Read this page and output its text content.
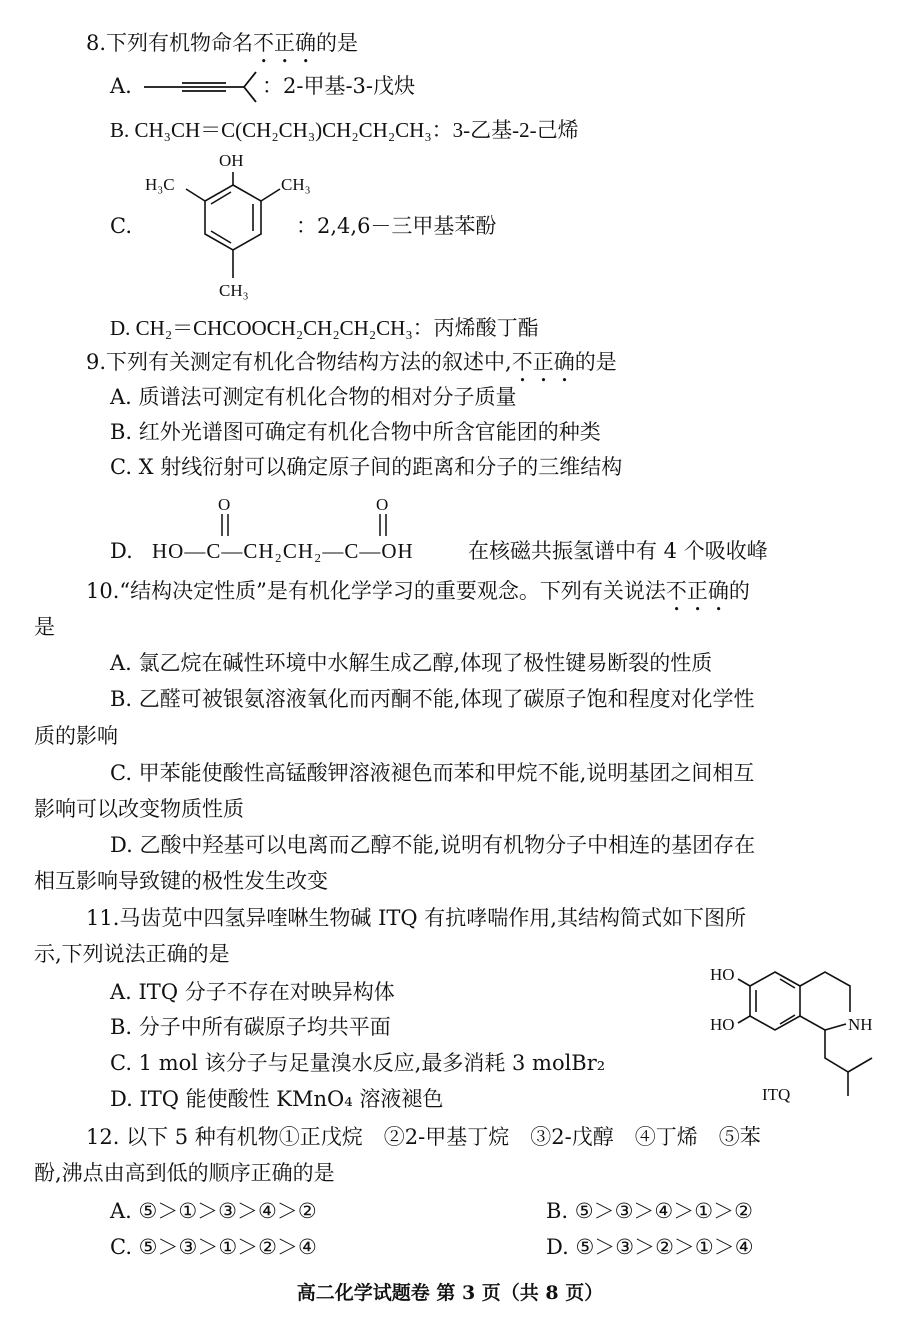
8.下列有机物命名不正确的是
A.	：2-甲基-3-戊炔
B. CH₃CH＝C(CH₂CH₃)CH₂CH₂CH₃：3-乙基-2-己烯
OH
H₃C	CH₃
CH₃
C.	：2,4,6－三甲基苯酚
D. CH₂＝CHCOOCH₂CH₂CH₂CH₃：丙烯酸丁酯
9.下列有关测定有机化合物结构方法的叙述中,不正确的是
A. 质谱法可测定有机化合物的相对分子质量
B. 红外光谱图可确定有机化合物中所含官能团的种类
C. X 射线衍射可以确定原子间的距离和分子的三维结构
D. HO—C—CH₂CH₂—C—OH
O	O
在核磁共振氢谱中有 4 个吸收峰
10.“结构决定性质”是有机化学学习的重要观念。下列有关说法不正确的
是
A. 氯乙烷在碱性环境中水解生成乙醇,体现了极性键易断裂的性质
B. 乙醛可被银氨溶液氧化而丙酮不能,体现了碳原子饱和程度对化学性
质的影响
C. 甲苯能使酸性高锰酸钾溶液褪色而苯和甲烷不能,说明基团之间相互
影响可以改变物质性质
D. 乙酸中羟基可以电离而乙醇不能,说明有机物分子中相连的基团存在
相互影响导致键的极性发生改变
11.马齿苋中四氢异喹啉生物碱 ITQ 有抗哮喘作用,其结构简式如下图所
示,下列说法正确的是
A. ITQ 分子不存在对映异构体
B. 分子中所有碳原子均共平面
C. 1 mol 该分子与足量溴水反应,最多消耗 3 molBr₂
D. ITQ 能使酸性 KMnO₄ 溶液褪色
HO
HO	NH
ITQ
12. 以下 5 种有机物①正戊烷　②2-甲基丁烷　③2-戊醇　④丁烯　⑤苯
酚,沸点由高到低的顺序正确的是
A. ⑤＞①＞③＞④＞②	B. ⑤＞③＞④＞①＞②
C. ⑤＞③＞①＞②＞④	D. ⑤＞③＞②＞①＞④
高二化学试题卷 第 3 页（共 8 页）
